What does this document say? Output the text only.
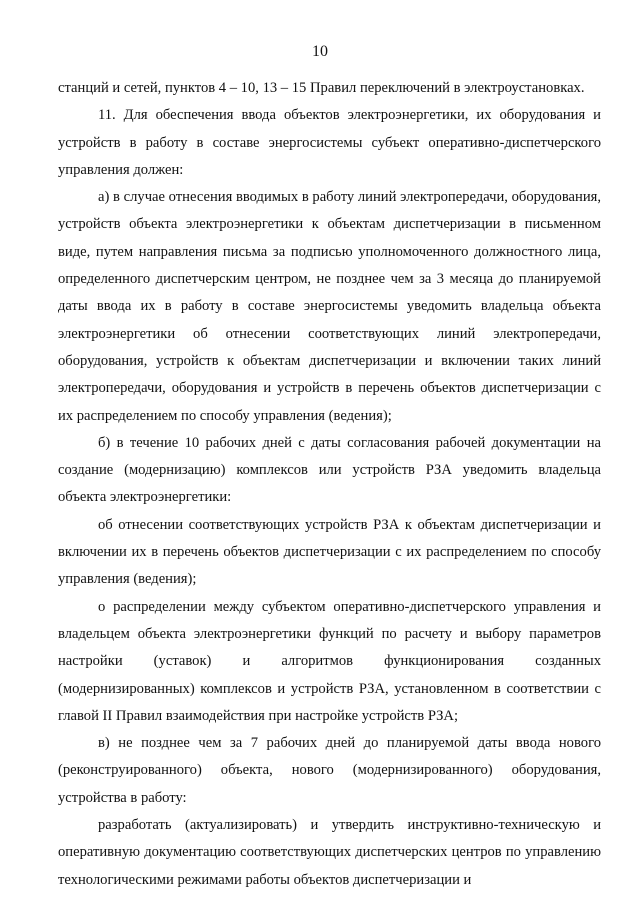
10

станций и сетей, пунктов 4 – 10, 13 – 15 Правил переключений в электроустановках.

11. Для обеспечения ввода объектов электроэнергетики, их оборудования и устройств в работу в составе энергосистемы субъект оперативно-диспетчерского управления должен:

а) в случае отнесения вводимых в работу линий электропередачи, оборудования, устройств объекта электроэнергетики к объектам диспетчеризации в письменном виде, путем направления письма за подписью уполномоченного должностного лица, определенного диспетчерским центром, не позднее чем за 3 месяца до планируемой даты ввода их в работу в составе энергосистемы уведомить владельца объекта электроэнергетики об отнесении соответствующих линий электропередачи, оборудования, устройств к объектам диспетчеризации и включении таких линий электропередачи, оборудования и устройств в перечень объектов диспетчеризации с их распределением по способу управления (ведения);

б) в течение 10 рабочих дней с даты согласования рабочей документации на создание (модернизацию) комплексов или устройств РЗА уведомить владельца объекта электроэнергетики:

об отнесении соответствующих устройств РЗА к объектам диспетчеризации и включении их в перечень объектов диспетчеризации с их распределением по способу управления (ведения);

о распределении между субъектом оперативно-диспетчерского управления и владельцем объекта электроэнергетики функций по расчету и выбору параметров настройки (уставок) и алгоритмов функционирования созданных (модернизированных) комплексов и устройств РЗА, установленном в соответствии с главой II Правил взаимодействия при настройке устройств РЗА;

в) не позднее чем за 7 рабочих дней до планируемой даты ввода нового (реконструированного) объекта, нового (модернизированного) оборудования, устройства в работу:

разработать (актуализировать) и утвердить инструктивно-техническую и оперативную документацию соответствующих диспетчерских центров по управлению технологическими режимами работы объектов диспетчеризации и
